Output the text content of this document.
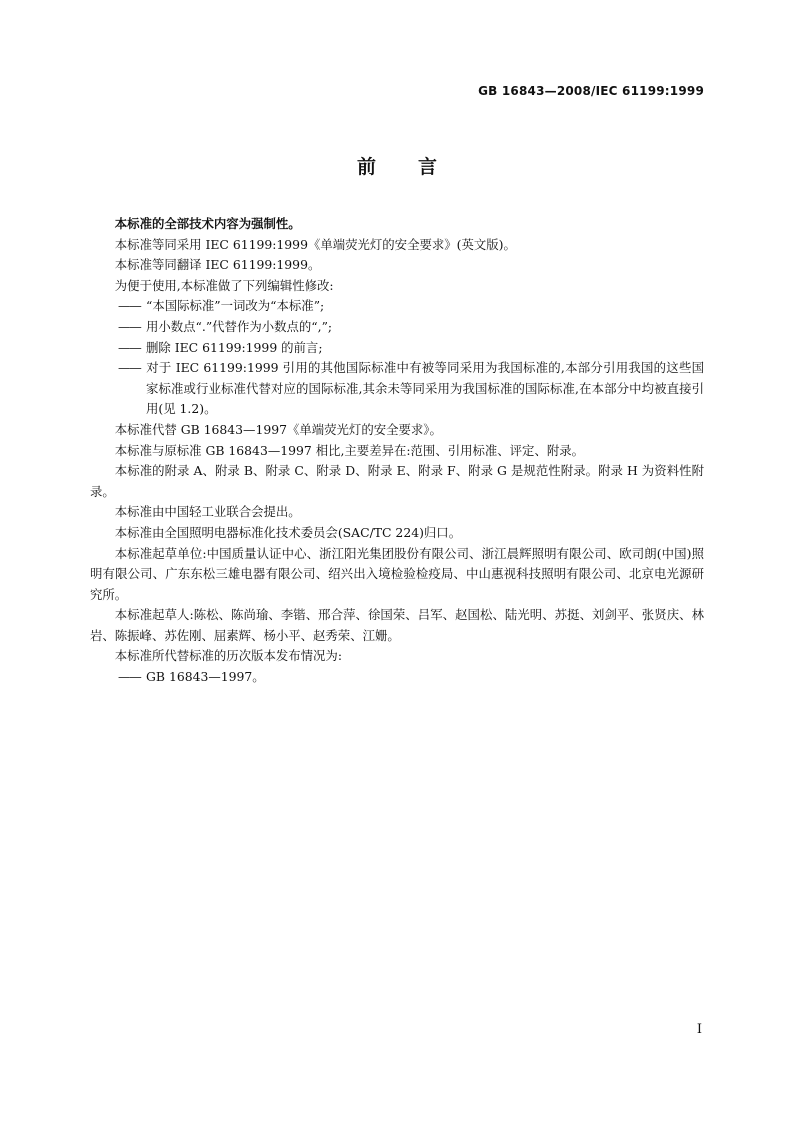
GB 16843—2008/IEC 61199:1999
前 言

本标准的全部技术内容为强制性。

本标准等同采用 IEC 61199:1999《单端荧光灯的安全要求》(英文版)。

本标准等同翻译 IEC 61199:1999。

为便于使用,本标准做了下列编辑性修改:

—— “本国际标准”一词改为“本标准”;

—— 用小数点“.”代替作为小数点的“,”;

—— 删除 IEC 61199:1999 的前言;

—— 对于 IEC 61199:1999 引用的其他国际标准中有被等同采用为我国标准的,本部分引用我国的这些国家标准或行业标准代替对应的国际标准,其余未等同采用为我国标准的国际标准,在本部分中均被直接引用(见 1.2)。

本标准代替 GB 16843—1997《单端荧光灯的安全要求》。

本标准与原标准 GB 16843—1997 相比,主要差异在:范围、引用标准、评定、附录。

本标准的附录 A、附录 B、附录 C、附录 D、附录 E、附录 F、附录 G 是规范性附录。附录 H 为资料性附录。

本标准由中国轻工业联合会提出。

本标准由全国照明电器标准化技术委员会(SAC/TC 224)归口。

本标准起草单位:中国质量认证中心、浙江阳光集团股份有限公司、浙江晨辉照明有限公司、欧司朗(中国)照明有限公司、广东东松三雄电器有限公司、绍兴出入境检验检疫局、中山惠视科技照明有限公司、北京电光源研究所。

本标准起草人:陈松、陈尚瑜、李锴、邢合萍、徐国荣、吕军、赵国松、陆光明、苏挺、刘剑平、张贤庆、林岩、陈振峰、苏佐刚、屈素辉、杨小平、赵秀荣、江姗。

本标准所代替标准的历次版本发布情况为:

—— GB 16843—1997。

I
